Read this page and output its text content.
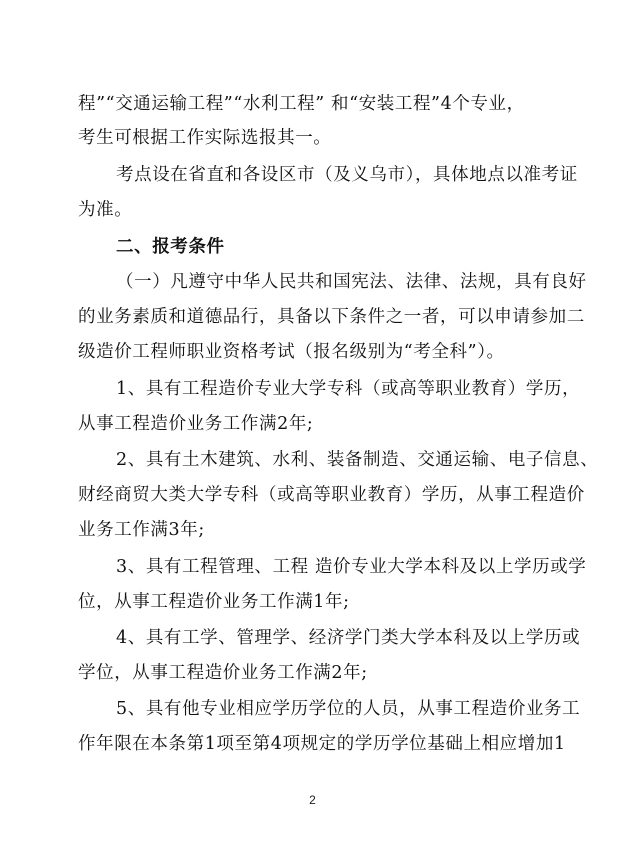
程”“交通运输工程”“水利工程” 和“安装工程”4个专业，
考生可根据工作实际选报其一。
考点设在省直和各设区市（及义乌市），具体地点以准考证
为准。
二、报考条件
（一）凡遵守中华人民共和国宪法、法律、法规，具有良好
的业务素质和道德品行，具备以下条件之一者，可以申请参加二
级造价工程师职业资格考试（报名级别为“考全科”）。
1、具有工程造价专业大学专科（或高等职业教育）学历，
从事工程造价业务工作满2年;
2、具有土木建筑、水利、装备制造、交通运输、电子信息、
财经商贸大类大学专科（或高等职业教育）学历，从事工程造价
业务工作满3年;
3、具有工程管理、工程 造价专业大学本科及以上学历或学
位，从事工程造价业务工作满1年;
4、具有工学、管理学、经济学门类大学本科及以上学历或
学位，从事工程造价业务工作满2年;
5、具有他专业相应学历学位的人员，从事工程造价业务工
作年限在本条第1项至第4项规定的学历学位基础上相应增加1
2
